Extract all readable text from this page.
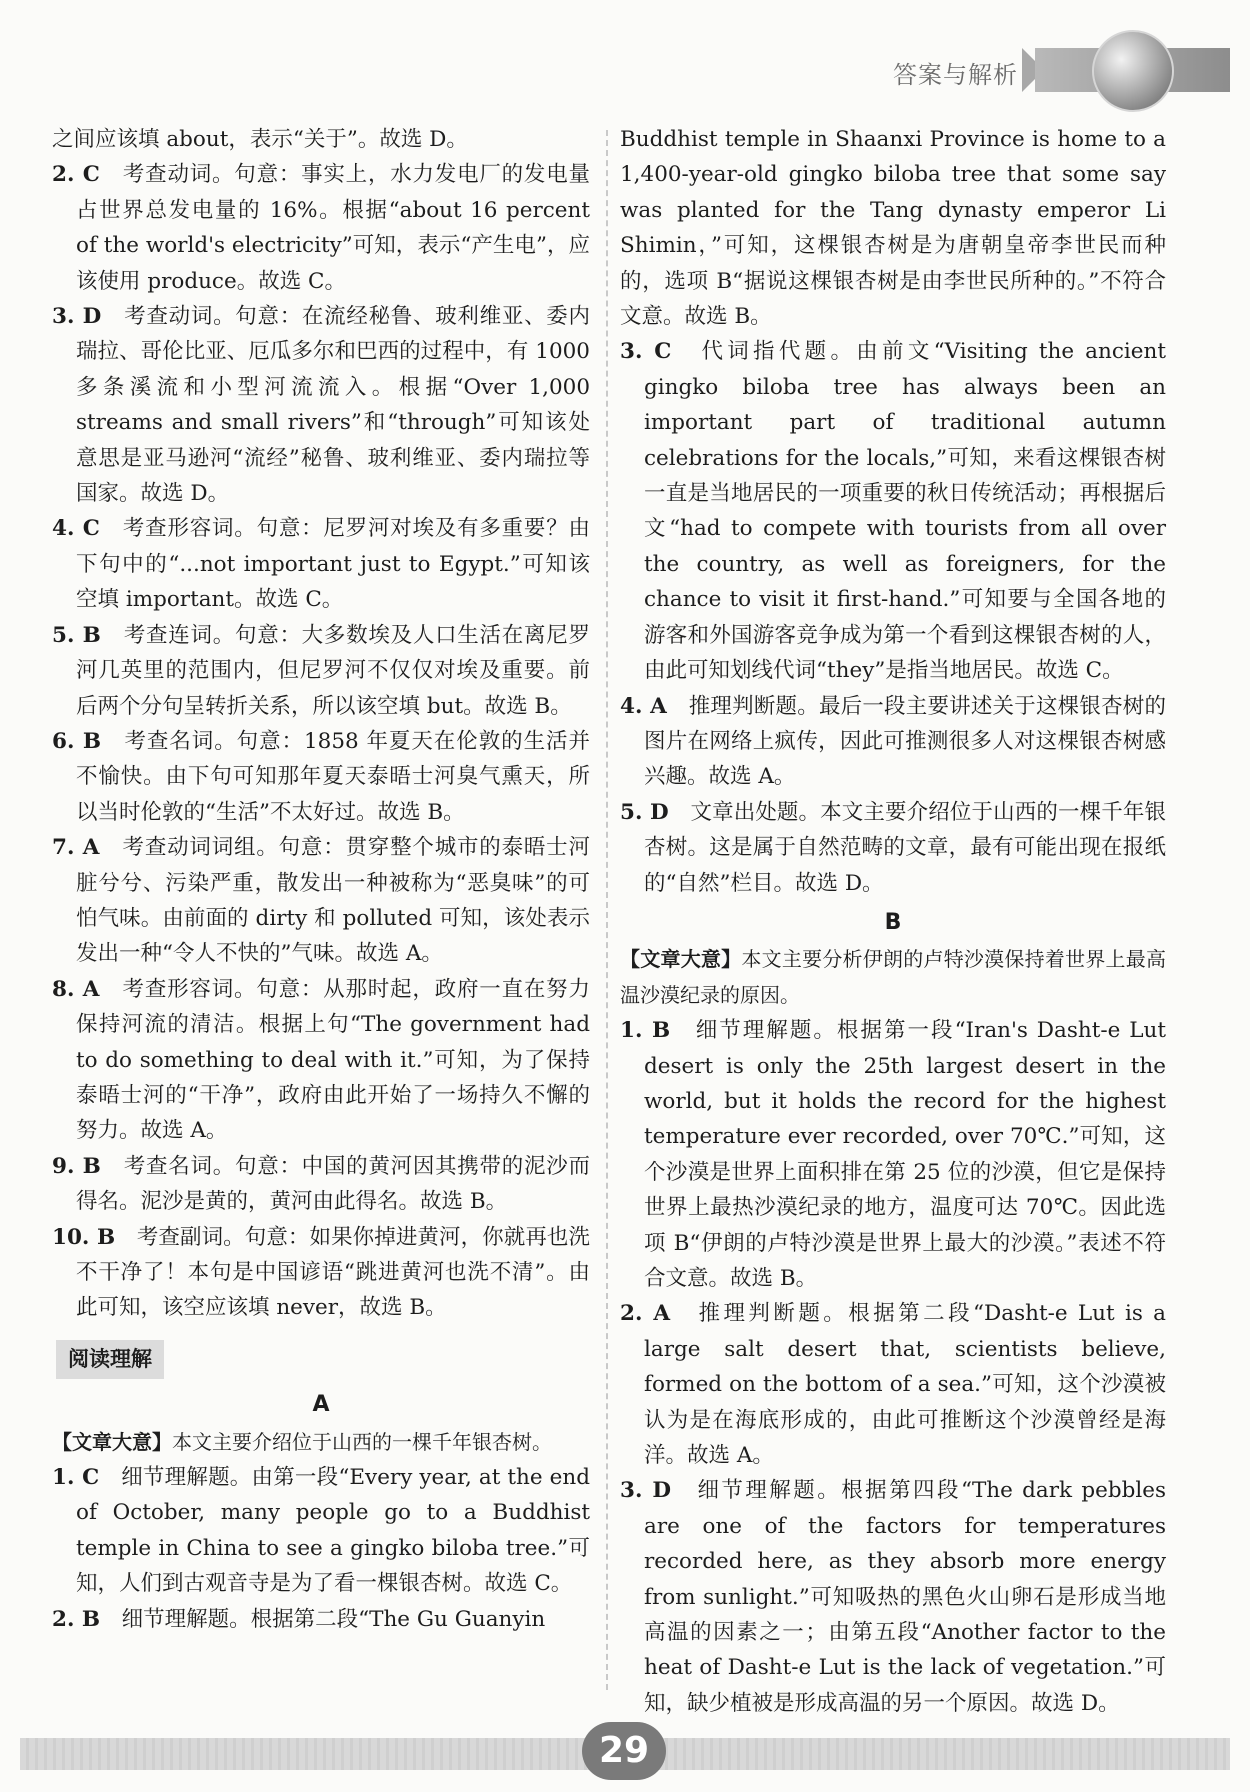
答案与解析

之间应该填 about，表示“关于”。故选 D。

2. C　 考查动词。句意：事实上，水力发电厂的发电量占世界总发电量的 16%。根据“about 16 percent of the world's electricity”可知，表示“产生电”，应该使用 produce。故选 C。

3. D　 考查动词。句意：在流经秘鲁、玻利维亚、委内瑞拉、哥伦比亚、厄瓜多尔和巴西的过程中，有 1000 多条溪流和小型河流流入。根据“Over 1,000 streams and small rivers”和“through”可知该处意思是亚马逊河“流经”秘鲁、玻利维亚、委内瑞拉等国家。故选 D。

4. C　 考查形容词。句意：尼罗河对埃及有多重要？由下句中的“...not important just to Egypt.”可知该空填 important。故选 C。

5. B　 考查连词。句意：大多数埃及人口生活在离尼罗河几英里的范围内，但尼罗河不仅仅对埃及重要。前后两个分句呈转折关系，所以该空填 but。故选 B。

6. B　 考查名词。句意：1858 年夏天在伦敦的生活并不愉快。由下句可知那年夏天泰晤士河臭气熏天，所以当时伦敦的“生活”不太好过。故选 B。

7. A　 考查动词词组。句意：贯穿整个城市的泰晤士河脏兮兮、污染严重，散发出一种被称为“恶臭味”的可怕气味。由前面的 dirty 和 polluted 可知，该处表示发出一种“令人不快的”气味。故选 A。

8. A　 考查形容词。句意：从那时起，政府一直在努力保持河流的清洁。根据上句“The government had to do something to deal with it.”可知，为了保持泰晤士河的“干净”，政府由此开始了一场持久不懈的努力。故选 A。

9. B　 考查名词。句意：中国的黄河因其携带的泥沙而得名。泥沙是黄的，黄河由此得名。故选 B。

10. B　 考查副词。句意：如果你掉进黄河，你就再也洗不干净了！本句是中国谚语“跳进黄河也洗不清”。由此可知，该空应该填 never，故选 B。

阅读理解
A

【文章大意】本文主要介绍位于山西的一棵千年银杏树。

1. C　 细节理解题。由第一段“Every year, at the end of October, many people go to a Buddhist temple in China to see a gingko biloba tree.”可知，人们到古观音寺是为了看一棵银杏树。故选 C。

2. B　 细节理解题。根据第二段“The Gu Guanyin

Buddhist temple in Shaanxi Province is home to a 1,400-year-old gingko biloba tree that some say was planted for the Tang dynasty emperor Li Shimin，”可知，这棵银杏树是为唐朝皇帝李世民而种的，选项 B“据说这棵银杏树是由李世民所种的。”不符合文意。故选 B。

3. C　 代词指代题。由前文“Visiting the ancient gingko biloba tree has always been an important part of traditional autumn celebrations for the locals,”可知，来看这棵银杏树一直是当地居民的一项重要的秋日传统活动；再根据后文“had to compete with tourists from all over the country, as well as foreigners, for the chance to visit it first-hand.”可知要与全国各地的游客和外国游客竞争成为第一个看到这棵银杏树的人，由此可知划线代词“they”是指当地居民。故选 C。

4. A　 推理判断题。最后一段主要讲述关于这棵银杏树的图片在网络上疯传，因此可推测很多人对这棵银杏树感兴趣。故选 A。

5. D　 文章出处题。本文主要介绍位于山西的一棵千年银杏树。这是属于自然范畴的文章，最有可能出现在报纸的“自然”栏目。故选 D。

B

【文章大意】本文主要分析伊朗的卢特沙漠保持着世界上最高温沙漠纪录的原因。

1. B　 细节理解题。根据第一段“Iran's Dasht-e Lut desert is only the 25th largest desert in the world, but it holds the record for the highest temperature ever recorded, over 70℃.”可知，这个沙漠是世界上面积排在第 25 位的沙漠，但它是保持世界上最热沙漠纪录的地方，温度可达 70℃。因此选项 B“伊朗的卢特沙漠是世界上最大的沙漠。”表述不符合文意。故选 B。

2. A　 推理判断题。根据第二段“Dasht-e Lut is a large salt desert that, scientists believe, formed on the bottom of a sea.”可知，这个沙漠被认为是在海底形成的，由此可推断这个沙漠曾经是海洋。故选 A。

3. D　 细节理解题。根据第四段“The dark pebbles are one of the factors for temperatures recorded here, as they absorb more energy from sunlight.”可知吸热的黑色火山卵石是形成当地高温的因素之一；由第五段“Another factor to the heat of Dasht-e Lut is the lack of vegetation.”可知，缺少植被是形成高温的另一个原因。故选 D。

29
